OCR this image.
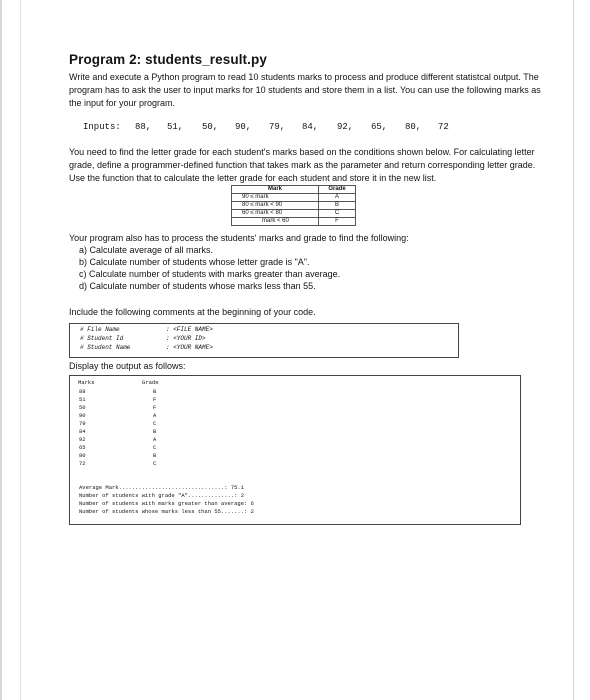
Program 2: students_result.py

Write and execute a Python program to read 10 students marks to process and produce different statistcal output. The program has to ask the user to input marks for 10 students and store them in a list. You can use the following marks as the input for your program.

Inputs: 88, 51, 50, 90, 79, 84, 92, 65, 80, 72

You need to find the letter grade for each student's marks based on the conditions shown below. For calculating letter grade, define a programmer-defined function that takes mark as the parameter and return corresponding letter grade. Use the function that to calculate the letter grade for each student and store it in the new list.

Mark	Grade
90 ≤ mark	A
80 ≤ mark < 90	B
60 ≤ mark < 80	C
mark < 60	F

Your program also has to process the students' marks and grade to find the following:

a) Calculate average of all marks.

b) Calculate number of students whose letter grade is "A".

c) Calculate number of students with marks greater than average.

d) Calculate number of students whose marks less than 55.

Include the following comments at the beginning of your code.

# File Name	: <FILE NAME>
# Student Id	: <YOUR ID>
# Student Name	: <YOUR NAME>

Display the output as follows:

Marks	Grade
88	B
51	F
50	F
90	A
79	C
84	B
92	A
65	C
80	B
72	C
Average Mark................................: 75.1
Number of students with grade "A"..............: 2
Number of students with marks greater than average: 6
Number of students whose marks less than 55.......: 2
